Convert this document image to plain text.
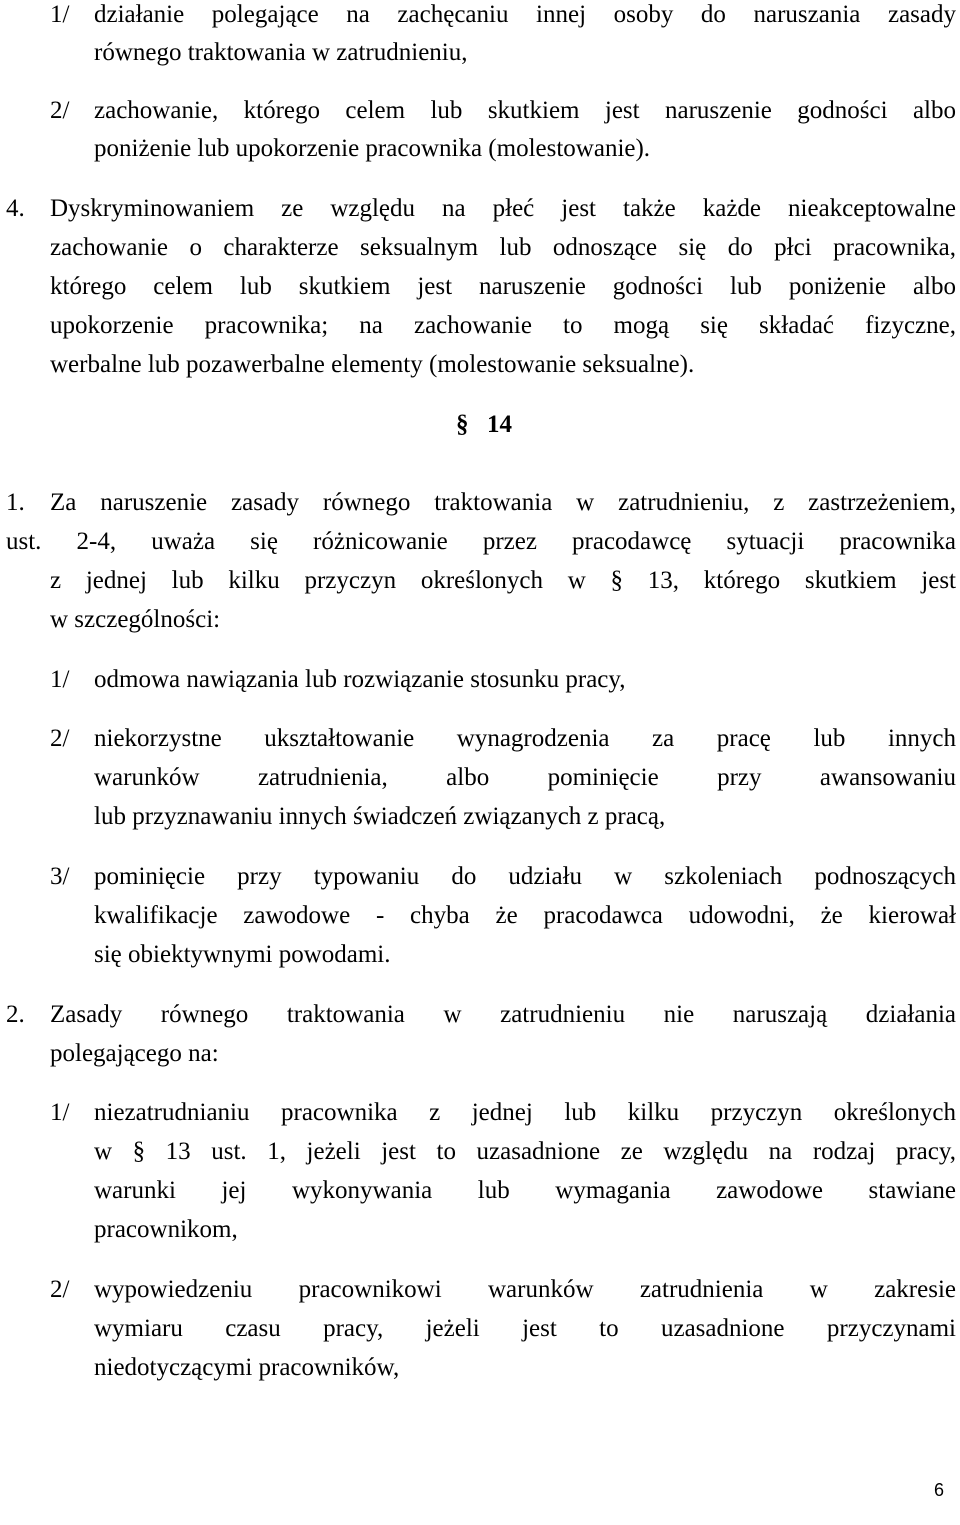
1/ działanie polegające na zachęcaniu innej osoby do naruszania zasady
równego traktowania w zatrudnieniu,
2/ zachowanie, którego celem lub skutkiem jest naruszenie godności albo
poniżenie lub upokorzenie pracownika (molestowanie).
4. Dyskryminowaniem ze względu na płeć jest także każde nieakceptowalne
zachowanie o charakterze seksualnym lub odnoszące się do płci pracownika,
którego celem lub skutkiem jest naruszenie godności lub poniżenie albo
upokorzenie pracownika; na zachowanie to mogą się składać fizyczne,
werbalne lub pozawerbalne elementy (molestowanie seksualne).
§ 14
1. Za naruszenie zasady równego traktowania w zatrudnieniu, z zastrzeżeniem,
ust. 2-4, uważa się różnicowanie przez pracodawcę sytuacji pracownika
z jednej lub kilku przyczyn określonych w § 13, którego skutkiem jest
w szczególności:
1/ odmowa nawiązania lub rozwiązanie stosunku pracy,
2/ niekorzystne ukształtowanie wynagrodzenia za pracę lub innych
warunków zatrudnienia, albo pominięcie przy awansowaniu
lub przyznawaniu innych świadczeń związanych z pracą,
3/ pominięcie przy typowaniu do udziału w szkoleniach podnoszących
kwalifikacje zawodowe - chyba że pracodawca udowodni, że kierował
się obiektywnymi powodami.
2. Zasady równego traktowania w zatrudnieniu nie naruszają działania
polegającego na:
1/ niezatrudnianiu pracownika z jednej lub kilku przyczyn określonych
w § 13 ust. 1, jeżeli jest to uzasadnione ze względu na rodzaj pracy,
warunki jej wykonywania lub wymagania zawodowe stawiane
pracownikom,
2/ wypowiedzeniu pracownikowi warunków zatrudnienia w zakresie
wymiaru czasu pracy, jeżeli jest to uzasadnione przyczynami
niedotyczącymi pracowników,
6
